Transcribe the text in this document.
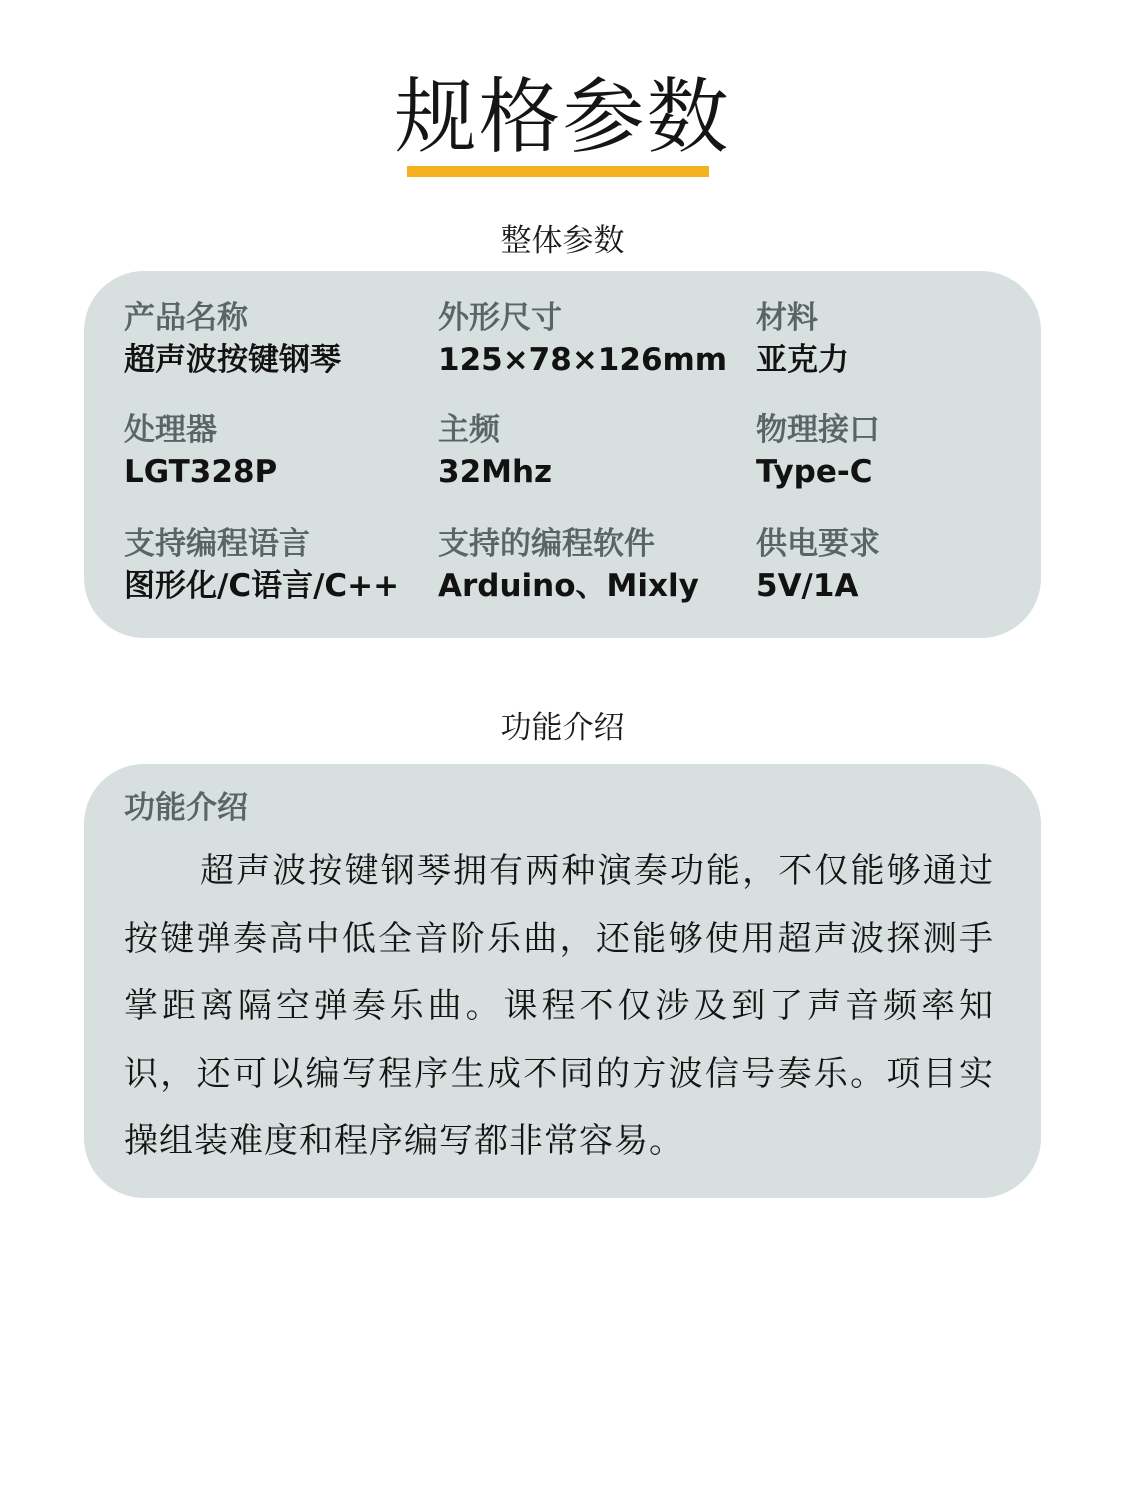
规格参数
整体参数
产品名称
超声波按键钢琴
外形尺寸
125×78×126mm
材料
亚克力
处理器
LGT328P
主频
32Mhz
物理接口
Type-C
支持编程语言
图形化/C语言/C++
支持的编程软件
Arduino、Mixly
供电要求
5V/1A
功能介绍
功能介绍
超声波按键钢琴拥有两种演奏功能，不仅能够通过按键弹奏高中低全音阶乐曲，还能够使用超声波探测手掌距离隔空弹奏乐曲。课程不仅涉及到了声音频率知识，还可以编写程序生成不同的方波信号奏乐。项目实操组装难度和程序编写都非常容易。
